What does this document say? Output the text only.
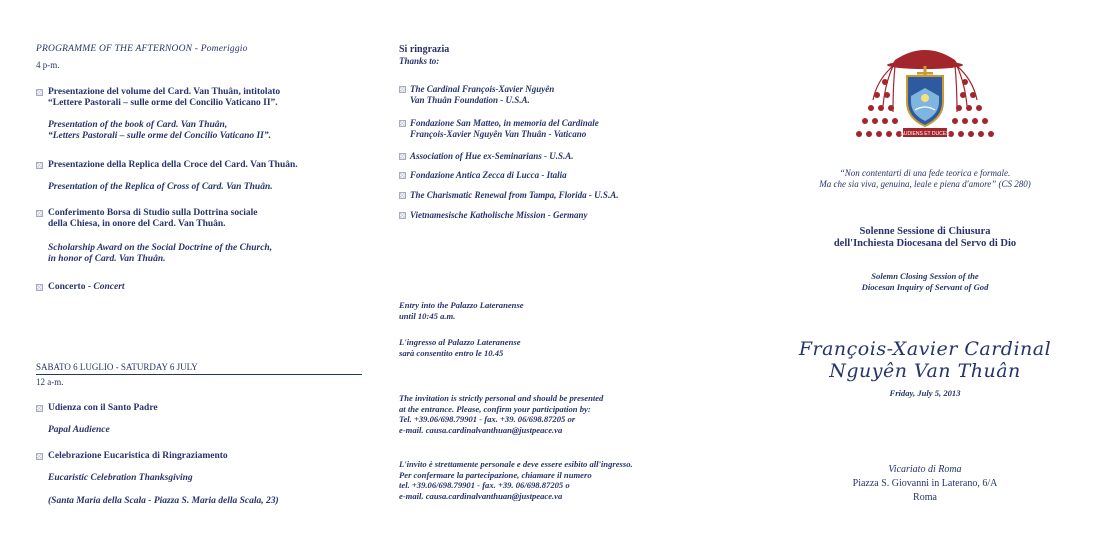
PROGRAMME OF THE AFTERNOON - Pomeriggio
4 p-m.
Presentazione del volume del Card. Van Thuân, intitolato
“Lettere Pastorali – sulle orme del Concilio Vaticano II”.
Presentation of the book of Card. Van Thuân,
“Letters Pastorali – sulle orme del Concilio Vaticano II”.
Presentazione della Replica della Croce del Card. Van Thuân.
Presentation of the Replica of Cross of Card. Van Thuân.
Conferimento Borsa di Studio sulla Dottrina sociale
della Chiesa, in onore del Card. Van Thuân.
Scholarship Award on the Social Doctrine of the Church,
in honor of Card. Van Thuân.
Concerto - Concert
SABATO 6 LUGLIO - SATURDAY 6 JULY
12 a-m.
Udienza con il Santo Padre
Papal Audience
Celebrazione Eucaristica di Ringraziamento
Eucaristic Celebration Thanksgiving
(Santa Maria della Scala - Piazza S. Maria della Scala, 23)
Si ringrazia
Thanks to:
The Cardinal François-Xavier Nguyên
Van Thuân Foundation - U.S.A.
Fondazione San Matteo, in memoria del Cardinale
François-Xavier Nguyên Van Thuân - Vaticano
Association of Hue ex-Seminarians - U.S.A.
Fondazione Antica Zecca di Lucca - Italia
The Charismatic Renewal from Tampa, Florida - U.S.A.
Vietnamesische Katholische Mission - Germany
Entry into the Palazzo Lateranense
until 10:45 a.m.
L'ingresso al Palazzo Lateranense
sarà consentito entro le 10.45
The invitation is strictly personal and should be presented
at the entrance. Please, confirm your participation by:
Tel. +39.06/698.79901 - fax. +39. 06/698.87205 or
e-mail. causa.cardinalvanthuan@justpeace.va
L'invito è strettamente personale e deve essere esibito all'ingresso.
Per confermare la partecipazione, chiamare il numero
tel. +39.06/698.79901 - fax. +39. 06/698.87205 o
e-mail. causa.cardinalvanthuan@justpeace.va
AUDIENS ET DUCES
“Non contentarti di una fede teorica e formale.
Ma che sia viva, genuina, leale e piena d'amore” (CS 280)
Solenne Sessione di Chiusura
dell'Inchiesta Diocesana del Servo di Dio
Solemn Closing Session of the
Diocesan Inquiry of Servant of God
François-Xavier Cardinal
Nguyên Van Thuân
Friday, July 5, 2013
Vicariato di Roma
Piazza S. Giovanni in Laterano, 6/A
Roma
